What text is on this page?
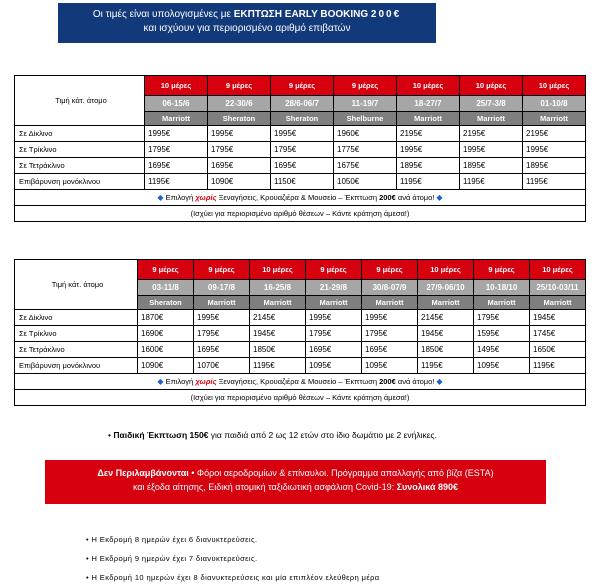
Οι τιμές είναι υπολογισμένες με ΕΚΠΤΩΣΗ EARLY BOOKING 200€
και ισχύουν για περιορισμένο αριθμό επιβατών
Τιμή κάτ. άτομο	10 μέρες	9 μέρες	9 μέρες	9 μέρες	10 μέρες	10 μέρες	10 μέρες
	06-15/6	22-30/6	28/6-06/7	11-19/7	18-27/7	25/7-3/8	01-10/8
	Marriott	Sheraton	Sheraton	Shelburne	Marriott	Marriott	Marriott
Σε Δίκλινο	1995€	1995€	1995€	1960€	2195€	2195€	2195€
Σε Τρίκλινο	1795€	1795€	1795€	1775€	1995€	1995€	1995€
Σε Τετράκλινο	1695€	1695€	1695€	1675€	1895€	1895€	1895€
Επιβάρυνση μονόκλινου	1195€	1090€	1150€	1050€	1195€	1195€	1195€
◆ Επιλογή χωρίς Ξεναγήσεις, Κρουαζιέρα & Μουσείο – Έκπτωση 200€ ανά άτομο! ◆							
(Ισχύει για περιορισμένο αριθμό θέσεων – Κάντε κράτηση άμεσα!)							
Τιμή κάτ. άτομο	9 μέρες	9 μέρες	10 μέρες	9 μέρες	9 μέρες	10 μέρες	9 μέρες	10 μέρες
	03-11/8	09-17/8	16-25/8	21-29/8	30/8-07/9	27/9-06/10	10-18/10	25/10-03/11
	Sheraton	Marriott	Marriott	Marriott	Marriott	Marriott	Marriott	Marriott
Σε Δίκλινο	1870€	1995€	2145€	1995€	1995€	2145€	1795€	1945€
Σε Τρίκλινο	1690€	1795€	1945€	1795€	1795€	1945€	1595€	1745€
Σε Τετράκλινο	1600€	1695€	1850€	1695€	1695€	1850€	1495€	1650€
Επιβάρυνση μονόκλινου	1090€	1070€	1195€	1095€	1095€	1195€	1095€	1195€
◆ Επιλογή χωρίς Ξεναγήσεις, Κρουαζιέρα & Μουσείο – Έκπτωση 200€ ανά άτομο! ◆								
(Ισχύει για περιορισμένο αριθμό θέσεων – Κάντε κράτηση άμεσα!)								
• Παιδική Έκπτωση 150€ για παιδιά από 2 ως 12 ετών στο ίδιο δωμάτιο με 2 ενήλικες.
Δεν Περιλαμβάνονται • Φόροι αεροδρομίων & επίναυλοι. Πρόγραμμα απαλλαγής από βίζα (ESTA)
και έξοδα αίτησης, Ειδική ατομική ταξιδιωτική ασφάλιση Covid-19: Συνολικά 890€
• Η Εκδρομή 8 ημερών έχει 6 διανυκτερεύσεις.
• Η Εκδρομή 9 ημερών έχει 7 διανυκτερεύσεις.
• Η Εκδρομή 10 ημερών έχει 8 διανυκτερεύσεις και μία επιπλέον ελεύθερη μέρα
